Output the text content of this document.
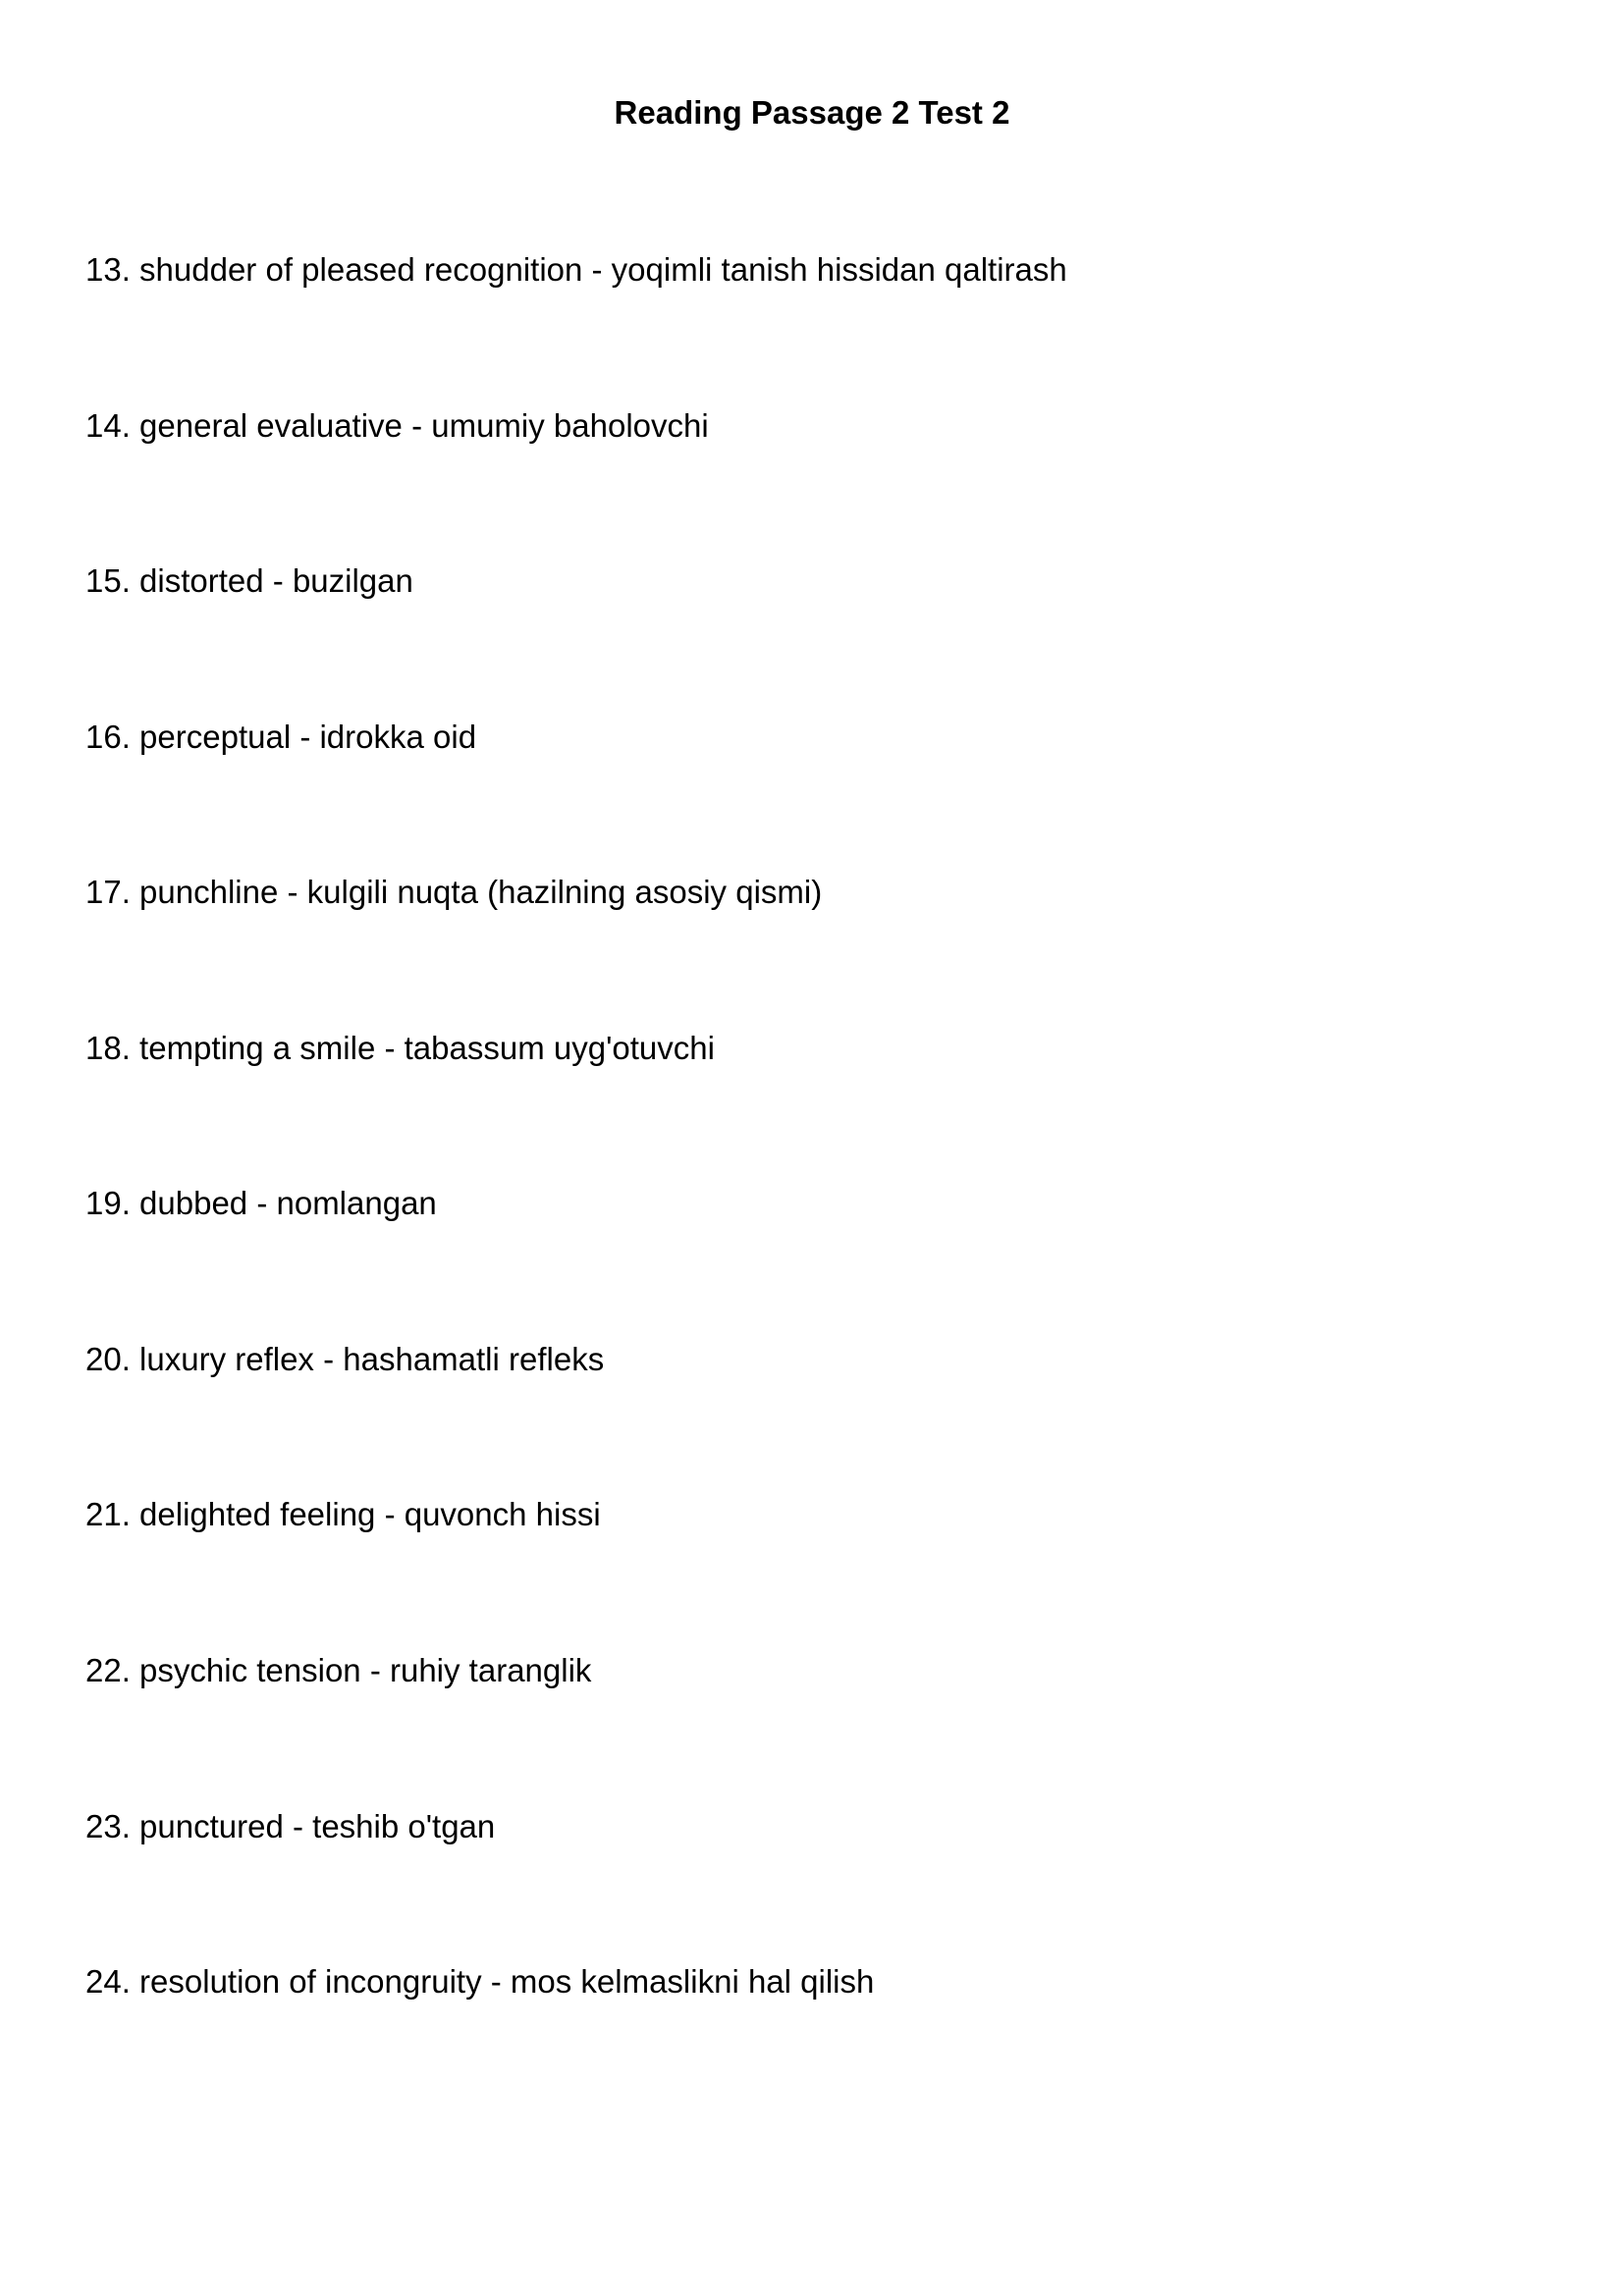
Reading Passage 2 Test 2
13. shudder of pleased recognition - yoqimli tanish hissidan qaltirash
14. general evaluative - umumiy baholovchi
15. distorted - buzilgan
16. perceptual - idrokka oid
17. punchline - kulgili nuqta (hazilning asosiy qismi)
18. tempting a smile - tabassum uyg'otuvchi
19. dubbed - nomlangan
20. luxury reflex - hashamatli refleks
21. delighted feeling - quvonch hissi
22. psychic tension - ruhiy taranglik
23. punctured - teshib o'tgan
24. resolution of incongruity - mos kelmaslikni hal qilish
